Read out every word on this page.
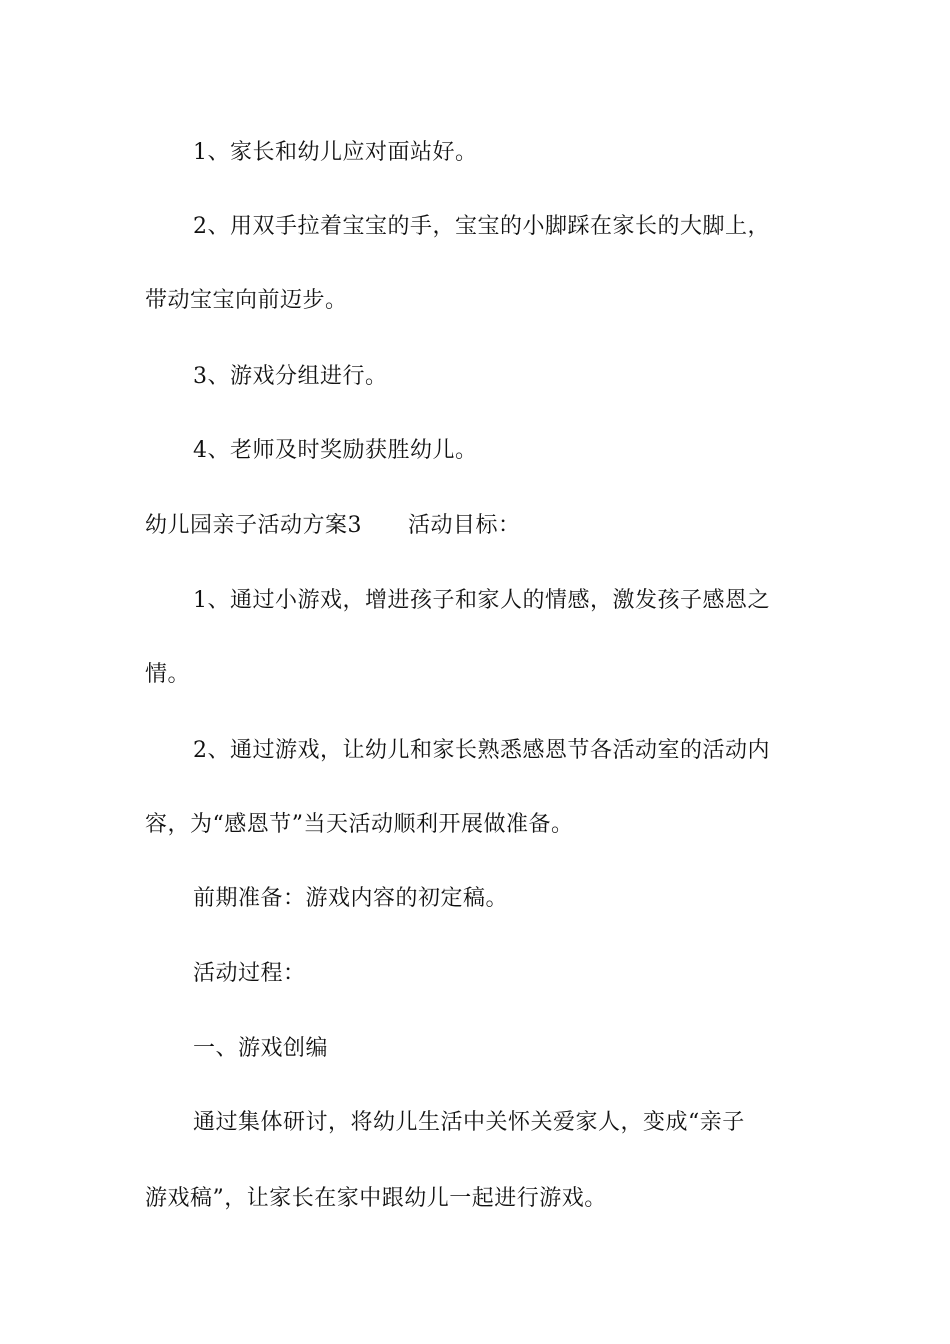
1、家长和幼儿应对面站好。
2、用双手拉着宝宝的手，宝宝的小脚踩在家长的大脚上，
带动宝宝向前迈步。
3、游戏分组进行。
4、老师及时奖励获胜幼儿。
幼儿园亲子活动方案3 活动目标：
1、通过小游戏，增进孩子和家人的情感，激发孩子感恩之
情。
2、通过游戏，让幼儿和家长熟悉感恩节各活动室的活动内
容，为“感恩节”当天活动顺利开展做准备。
前期准备：游戏内容的初定稿。
活动过程：
一、游戏创编
通过集体研讨，将幼儿生活中关怀关爱家人，变成“亲子
游戏稿”，让家长在家中跟幼儿一起进行游戏。
